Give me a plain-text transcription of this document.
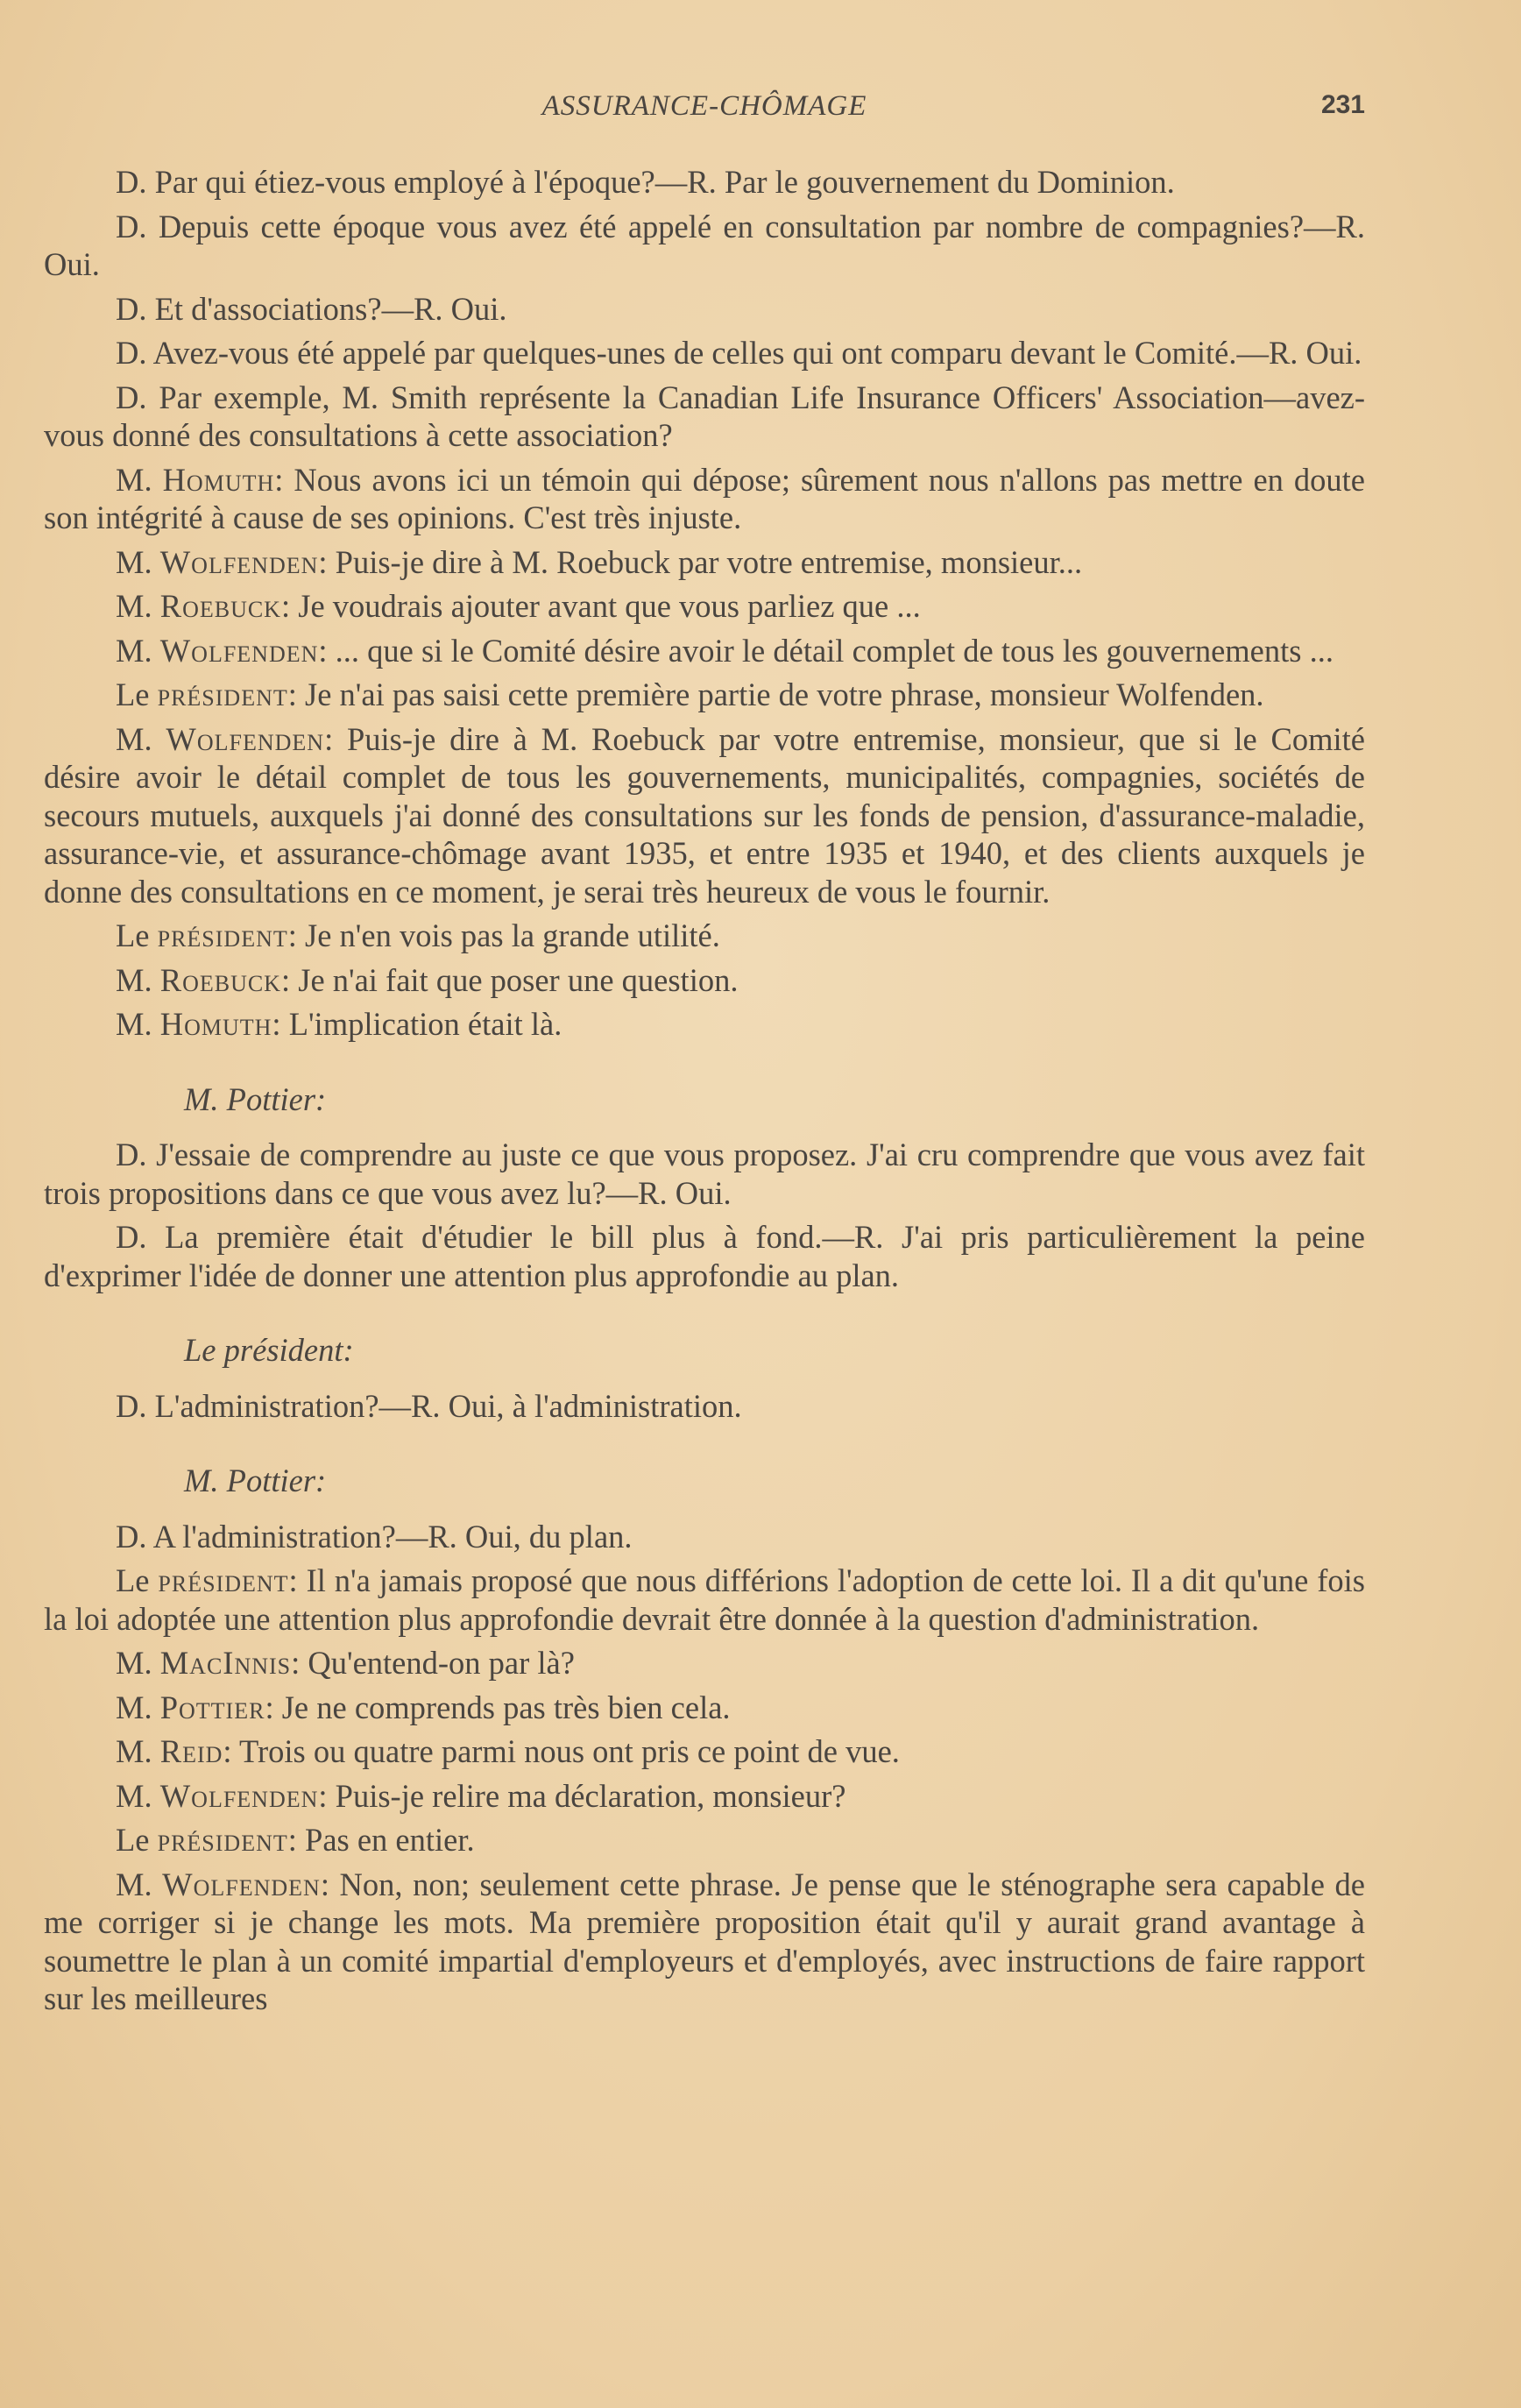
ASSURANCE-CHÔMAGE	231

D. Par qui étiez-vous employé à l'époque?—R. Par le gouvernement du Dominion.

D. Depuis cette époque vous avez été appelé en consultation par nombre de compagnies?—R. Oui.

D. Et d'associations?—R. Oui.

D. Avez-vous été appelé par quelques-unes de celles qui ont comparu devant le Comité.—R. Oui.

D. Par exemple, M. Smith représente la Canadian Life Insurance Officers' Association—avez-vous donné des consultations à cette association?

M. Homuth: Nous avons ici un témoin qui dépose; sûrement nous n'allons pas mettre en doute son intégrité à cause de ses opinions. C'est très injuste.

M. Wolfenden: Puis-je dire à M. Roebuck par votre entremise, monsieur...

M. Roebuck: Je voudrais ajouter avant que vous parliez que ...

M. Wolfenden: ... que si le Comité désire avoir le détail complet de tous les gouvernements ...

Le président: Je n'ai pas saisi cette première partie de votre phrase, monsieur Wolfenden.

M. Wolfenden: Puis-je dire à M. Roebuck par votre entremise, monsieur, que si le Comité désire avoir le détail complet de tous les gouvernements, municipalités, compagnies, sociétés de secours mutuels, auxquels j'ai donné des consultations sur les fonds de pension, d'assurance-maladie, assurance-vie, et assurance-chômage avant 1935, et entre 1935 et 1940, et des clients auxquels je donne des consultations en ce moment, je serai très heureux de vous le fournir.

Le président: Je n'en vois pas la grande utilité.

M. Roebuck: Je n'ai fait que poser une question.

M. Homuth: L'implication était là.

M. Pottier:

D. J'essaie de comprendre au juste ce que vous proposez. J'ai cru comprendre que vous avez fait trois propositions dans ce que vous avez lu?—R. Oui.

D. La première était d'étudier le bill plus à fond.—R. J'ai pris particulièrement la peine d'exprimer l'idée de donner une attention plus approfondie au plan.

Le président:

D. L'administration?—R. Oui, à l'administration.

M. Pottier:

D. A l'administration?—R. Oui, du plan.

Le président: Il n'a jamais proposé que nous différions l'adoption de cette loi. Il a dit qu'une fois la loi adoptée une attention plus approfondie devrait être donnée à la question d'administration.

M. MacInnis: Qu'entend-on par là?

M. Pottier: Je ne comprends pas très bien cela.

M. Reid: Trois ou quatre parmi nous ont pris ce point de vue.

M. Wolfenden: Puis-je relire ma déclaration, monsieur?

Le président: Pas en entier.

M. Wolfenden: Non, non; seulement cette phrase. Je pense que le sténographe sera capable de me corriger si je change les mots. Ma première proposition était qu'il y aurait grand avantage à soumettre le plan à un comité impartial d'employeurs et d'employés, avec instructions de faire rapport sur les meilleures
